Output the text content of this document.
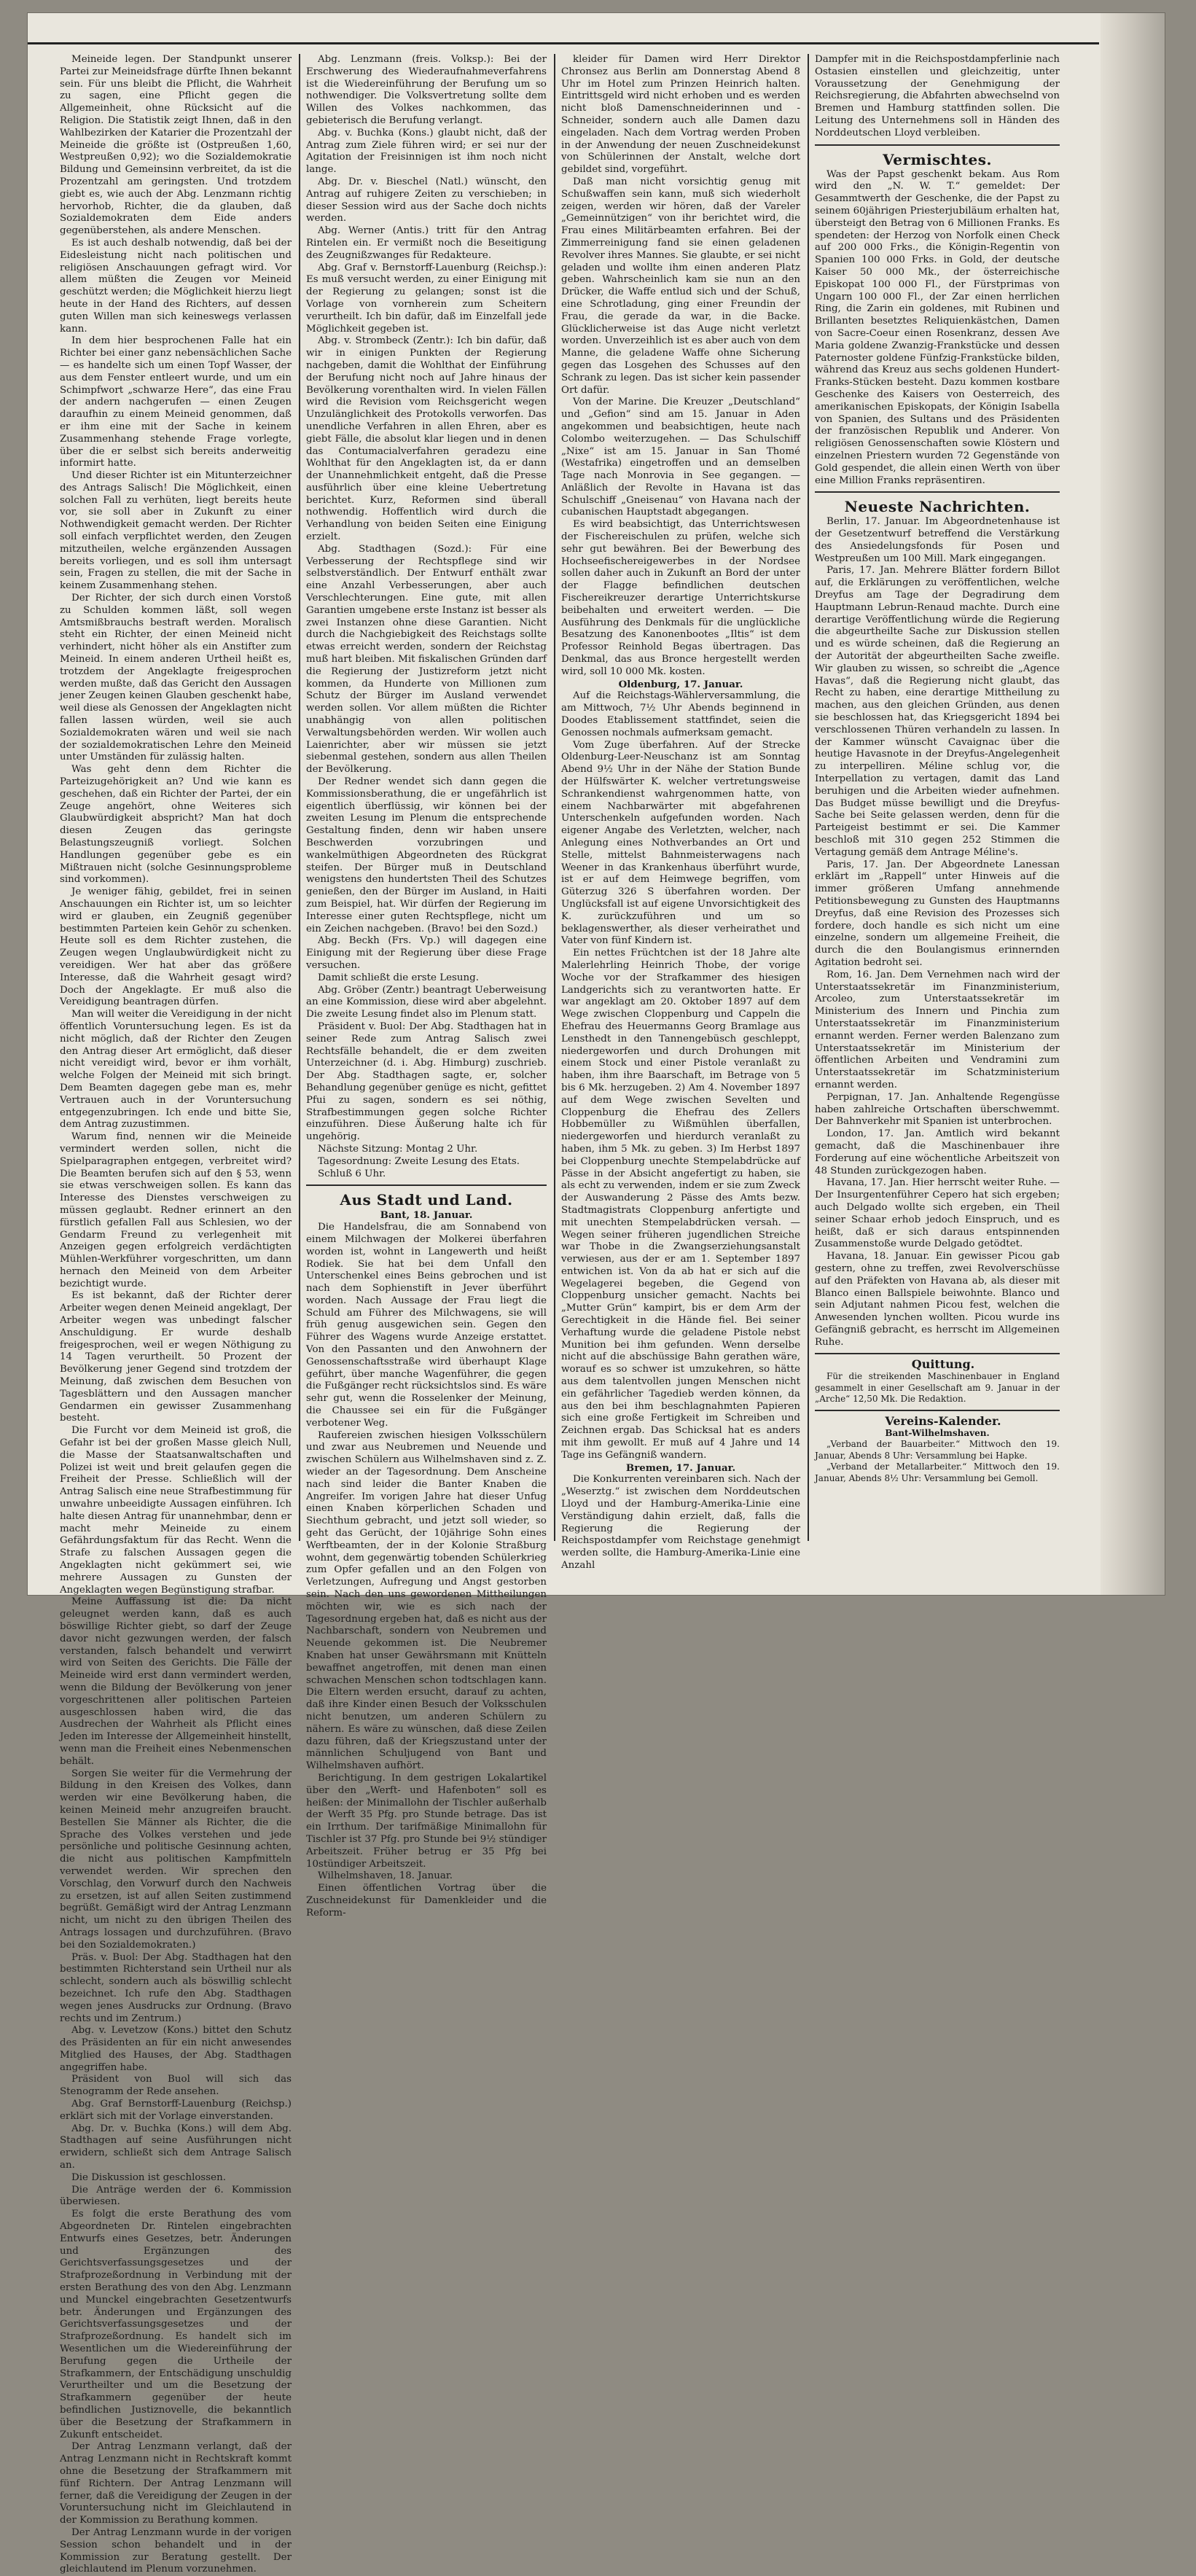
Meineide legen. Der Standpunkt unserer Partei zur Meineidsfrage dürfte Ihnen bekannt sein. Für uns bleibt die Pflicht, die Wahrheit zu sagen, eine Pflicht gegen die Allgemeinheit, ohne Rücksicht auf die Religion. Die Statistik zeigt Ihnen, daß in den Wahlbezirken der Katarier die Prozentzahl der Meineide die größte ist (Ostpreußen 1,60, Westpreußen 0,92); wo die Sozialdemokratie Bildung und Gemeinsinn verbreitet, da ist die Prozentzahl am geringsten. Und trotzdem giebt es, wie auch der Abg. Lenzmann richtig hervorhob, Richter, die da glauben, daß Sozialdemokraten dem Eide anders gegenüberstehen, als andere Menschen.

Es ist auch deshalb notwendig, daß bei der Eidesleistung nicht nach politischen und religiösen Anschauungen gefragt wird. Vor allem müßten die Zeugen vor Meineid geschützt werden; die Möglichkeit hierzu liegt heute in der Hand des Richters, auf dessen guten Willen man sich keineswegs verlassen kann.

In dem hier besprochenen Falle hat ein Richter bei einer ganz nebensächlichen Sache — es handelte sich um einen Topf Wasser, der aus dem Fenster entleert wurde, und um ein Schimpfwort „schwarze Here“, das eine Frau der andern nachgerufen — einen Zeugen daraufhin zu einem Meineid genommen, daß er ihm eine mit der Sache in keinem Zusammenhang stehende Frage vorlegte, über die er selbst sich bereits anderweitig informirt hatte.

Und dieser Richter ist ein Mitunterzeichner des Antrags Salisch! Die Möglichkeit, einen solchen Fall zu verhüten, liegt bereits heute vor, sie soll aber in Zukunft zu einer Nothwendigkeit gemacht werden. Der Richter soll einfach verpflichtet werden, den Zeugen mitzutheilen, welche ergänzenden Aussagen bereits vorliegen, und es soll ihm untersagt sein, Fragen zu stellen, die mit der Sache in keinem Zusammenhang stehen.

Der Richter, der sich durch einen Vorstoß zu Schulden kommen läßt, soll wegen Amtsmißbrauchs bestraft werden. Moralisch steht ein Richter, der einen Meineid nicht verhindert, nicht höher als ein Anstifter zum Meineid. In einem anderen Urtheil heißt es, trotzdem der Angeklagte freigesprochen werden mußte, daß das Gericht den Aussagen jener Zeugen keinen Glauben geschenkt habe, weil diese als Genossen der Angeklagten nicht fallen lassen würden, weil sie auch Sozialdemokraten wären und weil sie nach der sozialdemokratischen Lehre den Meineid unter Umständen für zulässig halten.

Was geht denn dem Richter die Parteizugehörigkeit an? Und wie kann es geschehen, daß ein Richter der Partei, der ein Zeuge angehört, ohne Weiteres sich Glaubwürdigkeit abspricht? Man hat doch diesen Zeugen das geringste Belastungszeugniß vorliegt. Solchen Handlungen gegenüber gebe es ein Mißtrauen nicht (solche Gesinnungsprobleme sind vorkommen).

Je weniger fähig, gebildet, frei in seinen Anschauungen ein Richter ist, um so leichter wird er glauben, ein Zeugniß gegenüber bestimmten Parteien kein Gehör zu schenken. Heute soll es dem Richter zustehen, die Zeugen wegen Unglaubwürdigkeit nicht zu vereidigen. Wer hat aber das größere Interesse, daß die Wahrheit gesagt wird? Doch der Angeklagte. Er muß also die Vereidigung beantragen dürfen.

Man will weiter die Vereidigung in der nicht öffentlich Voruntersuchung legen. Es ist da nicht möglich, daß der Richter den Zeugen den Antrag dieser Art ermöglicht, daß dieser nicht vereidigt wird, bevor er ihm vorhält, welche Folgen der Meineid mit sich bringt. Dem Beamten dagegen gebe man es, mehr Vertrauen auch in der Voruntersuchung entgegenzubringen. Ich ende und bitte Sie, dem Antrag zuzustimmen.

Warum find, nennen wir die Meineide vermindert werden sollen, nicht die Spielparagraphen entgegen, verbreitet wird? Die Beamten berufen sich auf den § 53, wenn sie etwas verschweigen sollen. Es kann das Interesse des Dienstes verschweigen zu müssen geglaubt. Redner erinnert an den fürstlich gefallen Fall aus Schlesien, wo der Gendarm Freund zu verlegenheit mit Anzeigen gegen erfolgreich verdächtigten Mühlen-Werkführer vorgeschritten, um dann hernach den Meineid von dem Arbeiter bezichtigt wurde.

Es ist bekannt, daß der Richter derer Arbeiter wegen denen Meineid angeklagt, Der Arbeiter wegen was unbedingt falscher Anschuldigung. Er wurde deshalb freigesprochen, weil er wegen Nöthigung zu 14 Tagen verurtheilt. 50 Prozent der Bevölkerung jener Gegend sind trotzdem der Meinung, daß zwischen dem Besuchen von Tagesblättern und den Aussagen mancher Gendarmen ein gewisser Zusammenhang besteht.

Die Furcht vor dem Meineid ist groß, die Gefahr ist bei der großen Masse gleich Null, die Masse der Staatsanwaltschaften und Polizei ist weit und breit gelaufen gegen die Freiheit der Presse. Schließlich will der Antrag Salisch eine neue Strafbestimmung für unwahre unbeeidigte Aussagen einführen. Ich halte diesen Antrag für unannehmbar, denn er macht mehr Meineide zu einem Gefährdungsfaktum für das Recht. Wenn die Strafe zu falschen Aussagen gegen die Angeklagten nicht gekümmert sei, wie mehrere Aussagen zu Gunsten der Angeklagten wegen Begünstigung strafbar.

Meine Auffassung ist die: Da nicht geleugnet werden kann, daß es auch böswillige Richter giebt, so darf der Zeuge davor nicht gezwungen werden, der falsch verstanden, falsch behandelt und verwirrt wird von Seiten des Gerichts. Die Fälle der Meineide wird erst dann vermindert werden, wenn die Bildung der Bevölkerung von jener vorgeschrittenen aller politischen Parteien ausgeschlossen haben wird, die das Ausdrechen der Wahrheit als Pflicht eines Jeden im Interesse der Allgemeinheit hinstellt, wenn man die Freiheit eines Nebenmenschen behält.

Sorgen Sie weiter für die Vermehrung der Bildung in den Kreisen des Volkes, dann werden wir eine Bevölkerung haben, die keinen Meineid mehr anzugreifen braucht. Bestellen Sie Männer als Richter, die die Sprache des Volkes verstehen und jede persönliche und politische Gesinnung achten, die nicht aus politischen Kampfmitteln verwendet werden. Wir sprechen den Vorschlag, den Vorwurf durch den Nachweis zu ersetzen, ist auf allen Seiten zustimmend begrüßt. Gemäßigt wird der Antrag Lenzmann nicht, um nicht zu den übrigen Theilen des Antrags lossagen und durchzuführen. (Bravo bei den Sozialdemokraten.)

Präs. v. Buol: Der Abg. Stadthagen hat den bestimmten Richterstand sein Urtheil nur als schlecht, sondern auch als böswillig schlecht bezeichnet. Ich rufe den Abg. Stadthagen wegen jenes Ausdrucks zur Ordnung. (Bravo rechts und im Zentrum.)

Abg. v. Levetzow (Kons.) bittet den Schutz des Präsidenten an für ein nicht anwesendes Mitglied des Hauses, der Abg. Stadthagen angegriffen habe.

Präsident von Buol will sich das Stenogramm der Rede ansehen.

Abg. Graf Bernstorff-Lauenburg (Reichsp.) erklärt sich mit der Vorlage einverstanden.

Abg. Dr. v. Buchka (Kons.) will dem Abg. Stadthagen auf seine Ausführungen nicht erwidern, schließt sich dem Antrage Salisch an.

Die Diskussion ist geschlossen.

Die Anträge werden der 6. Kommission überwiesen.

Es folgt die erste Berathung des vom Abgeordneten Dr. Rintelen eingebrachten Entwurfs eines Gesetzes, betr. Änderungen und Ergänzungen des Gerichtsverfassungsgesetzes und der Strafprozeßordnung in Verbindung mit der ersten Berathung des von den Abg. Lenzmann und Munckel eingebrachten Gesetzentwurfs betr. Änderungen und Ergänzungen des Gerichtsverfassungsgesetzes und der Strafprozeßordnung. Es handelt sich im Wesentlichen um die Wiedereinführung der Berufung gegen die Urtheile der Strafkammern, der Entschädigung unschuldig Verurtheilter und um die Besetzung der Strafkammern gegenüber der heute befindlichen Justiznovelle, die bekanntlich über die Besetzung der Strafkammern in Zukunft entscheidet.

Der Antrag Lenzmann verlangt, daß der Antrag Lenzmann nicht in Rechtskraft kommt ohne die Besetzung der Strafkammern mit fünf Richtern. Der Antrag Lenzmann will ferner, daß die Vereidigung der Zeugen in der Voruntersuchung nicht im Gleichlautend in der Kommission zu Berathung kommen.

Der Antrag Lenzmann wurde in der vorigen Session schon behandelt und in der Kommission zur Beratung gestellt. Der gleichlautend im Plenum vorzunehmen.

Abg. Lenzmann (freis. Volksp.): Bei der Erschwerung des Wiederaufnahmeverfahrens ist die Wiedereinführung der Berufung um so nothwendiger. Die Volksvertretung sollte dem Willen des Volkes nachkommen, das gebieterisch die Berufung verlangt.

Abg. v. Buchka (Kons.) glaubt nicht, daß der Antrag zum Ziele führen wird; er sei nur der Agitation der Freisinnigen ist ihm noch nicht lange.

Abg. Dr. v. Bieschel (Natl.) wünscht, den Antrag auf ruhigere Zeiten zu verschieben; in dieser Session wird aus der Sache doch nichts werden.

Abg. Werner (Antis.) tritt für den Antrag Rintelen ein. Er vermißt noch die Beseitigung des Zeugnißzwanges für Redakteure.

Abg. Graf v. Bernstorff-Lauenburg (Reichsp.): Es muß versucht werden, zu einer Einigung mit der Regierung zu gelangen; sonst ist die Vorlage von vornherein zum Scheitern verurtheilt. Ich bin dafür, daß im Einzelfall jede Möglichkeit gegeben ist.

Abg. v. Strombeck (Zentr.): Ich bin dafür, daß wir in einigen Punkten der Regierung nachgeben, damit die Wohlthat der Einführung der Berufung nicht noch auf Jahre hinaus der Bevölkerung vorenthalten wird. In vielen Fällen wird die Revision vom Reichsgericht wegen Unzulänglichkeit des Protokolls verworfen. Das unendliche Verfahren in allen Ehren, aber es giebt Fälle, die absolut klar liegen und in denen das Contumacialverfahren geradezu eine Wohlthat für den Angeklagten ist, da er dann der Unannehmlichkeit entgeht, daß die Presse ausführlich über eine kleine Uebertretung berichtet. Kurz, Reformen sind überall nothwendig. Hoffentlich wird durch die Verhandlung von beiden Seiten eine Einigung erzielt.

Abg. Stadthagen (Sozd.): Für eine Verbesserung der Rechtspflege sind wir selbstverständlich. Der Entwurf enthält zwar eine Anzahl Verbesserungen, aber auch Verschlechterungen. Eine gute, mit allen Garantien umgebene erste Instanz ist besser als zwei Instanzen ohne diese Garantien. Nicht durch die Nachgiebigkeit des Reichstags sollte etwas erreicht werden, sondern der Reichstag muß hart bleiben. Mit fiskalischen Gründen darf die Regierung der Justizreform jetzt nicht kommen, da Hunderte von Millionen zum Schutz der Bürger im Ausland verwendet werden sollen. Vor allem müßten die Richter unabhängig von allen politischen Verwaltungsbehörden werden. Wir wollen auch Laienrichter, aber wir müssen sie jetzt siebenmal gestehen, sondern aus allen Theilen der Bevölkerung.

Der Redner wendet sich dann gegen die Kommissionsberathung, die er ungefährlich ist eigentlich überflüssig, wir können bei der zweiten Lesung im Plenum die entsprechende Gestaltung finden, denn wir haben unsere Beschwerden vorzubringen und wankelmüthigen Abgeordneten des Rückgrat steifen. Der Bürger muß in Deutschland wenigstens den hundertsten Theil des Schutzes genießen, den der Bürger im Ausland, in Haiti zum Beispiel, hat. Wir dürfen der Regierung im Interesse einer guten Rechtspflege, nicht um ein Zeichen nachgeben. (Bravo! bei den Sozd.)

Abg. Beckh (Frs. Vp.) will dagegen eine Einigung mit der Regierung über diese Frage versuchen.

Damit schließt die erste Lesung.

Abg. Gröber (Zentr.) beantragt Ueberweisung an eine Kommission, diese wird aber abgelehnt. Die zweite Lesung findet also im Plenum statt.

Präsident v. Buol: Der Abg. Stadthagen hat in seiner Rede zum Antrag Salisch zwei Rechtsfälle behandelt, die er dem zweiten Unterzeichner (d. i. Abg. Himburg) zuschrieb. Der Abg. Stadthagen sagte, er, solcher Behandlung gegenüber genüge es nicht, gefittet Pfui zu sagen, sondern es sei nöthig, Strafbestimmungen gegen solche Richter einzuführen. Diese Äußerung halte ich für ungehörig.

Nächste Sitzung: Montag 2 Uhr.

Tagesordnung: Zweite Lesung des Etats.

Schluß 6 Uhr.

Aus Stadt und Land.

Bant, 18. Januar.

Die Handelsfrau, die am Sonnabend von einem Milchwagen der Molkerei überfahren worden ist, wohnt in Langewerth und heißt Rodiek. Sie hat bei dem Unfall den Unterschenkel eines Beins gebrochen und ist nach dem Sophienstift in Jever überführt worden. Nach Aussage der Frau liegt die Schuld am Führer des Milchwagens, sie will früh genug ausgewichen sein. Gegen den Führer des Wagens wurde Anzeige erstattet. Von den Passanten und den Anwohnern der Genossenschaftsstraße wird überhaupt Klage geführt, über manche Wagenführer, die gegen die Fußgänger recht rücksichtslos sind. Es wäre sehr gut, wenn die Rosselenker der Meinung, die Chaussee sei ein für die Fußgänger verbotener Weg.

Raufereien zwischen hiesigen Volksschülern und zwar aus Neubremen und Neuende und zwischen Schülern aus Wilhelmshaven sind z. Z. wieder an der Tagesordnung. Dem Anscheine nach sind leider die Banter Knaben die Angreifer. Im vorigen Jahre hat dieser Unfug einen Knaben körperlichen Schaden und Siechthum gebracht, und jetzt soll wieder, so geht das Gerücht, der 10jährige Sohn eines Werftbeamten, der in der Kolonie Straßburg wohnt, dem gegenwärtig tobenden Schülerkrieg zum Opfer gefallen und an den Folgen von Verletzungen, Aufregung und Angst gestorben sein. Nach den uns gewordenen Mittheilungen möchten wir, wie es sich nach der Tagesordnung ergeben hat, daß es nicht aus der Nachbarschaft, sondern von Neubremen und Neuende gekommen ist. Die Neubremer Knaben hat unser Gewährsmann mit Knütteln bewaffnet angetroffen, mit denen man einen schwachen Menschen schon todtschlagen kann. Die Eltern werden ersucht, darauf zu achten, daß ihre Kinder einen Besuch der Volksschulen nicht benutzen, um anderen Schülern zu nähern. Es wäre zu wünschen, daß diese Zeilen dazu führen, daß der Kriegszustand unter der männlichen Schuljugend von Bant und Wilhelmshaven aufhört.

Berichtigung. In dem gestrigen Lokalartikel über den „Werft- und Hafenboten“ soll es heißen: der Minimallohn der Tischler außerhalb der Werft 35 Pfg. pro Stunde betrage. Das ist ein Irrthum. Der tarifmäßige Minimallohn für Tischler ist 37 Pfg. pro Stunde bei 9½ stündiger Arbeitszeit. Früher betrug er 35 Pfg bei 10stündiger Arbeitszeit.

Wilhelmshaven, 18. Januar.

Einen öffentlichen Vortrag über die Zuschneidekunst für Damenkleider und die Reform-

kleider für Damen wird Herr Direktor Chronsez aus Berlin am Donnerstag Abend 8 Uhr im Hotel zum Prinzen Heinrich halten. Eintrittsgeld wird nicht erhoben und es werden nicht bloß Damenschneiderinnen und -Schneider, sondern auch alle Damen dazu eingeladen. Nach dem Vortrag werden Proben in der Anwendung der neuen Zuschneidekunst von Schülerinnen der Anstalt, welche dort gebildet sind, vorgeführt.

Daß man nicht vorsichtig genug mit Schußwaffen sein kann, muß sich wiederholt zeigen, werden wir hören, daß der Vareler „Gemeinnützigen“ von ihr berichtet wird, die Frau eines Militärbeamten erfahren. Bei der Zimmerreinigung fand sie einen geladenen Revolver ihres Mannes. Sie glaubte, er sei nicht geladen und wollte ihm einen anderen Platz geben. Wahrscheinlich kam sie nun an den Drücker, die Waffe entlud sich und der Schuß, eine Schrotladung, ging einer Freundin der Frau, die gerade da war, in die Backe. Glücklicherweise ist das Auge nicht verletzt worden. Unverzeihlich ist es aber auch von dem Manne, die geladene Waffe ohne Sicherung gegen das Losgehen des Schusses auf den Schrank zu legen. Das ist sicher kein passender Ort dafür.

Von der Marine. Die Kreuzer „Deutschland“ und „Gefion“ sind am 15. Januar in Aden angekommen und beabsichtigen, heute nach Colombo weiterzugehen. — Das Schulschiff „Nixe“ ist am 15. Januar in San Thomé (Westafrika) eingetroffen und an demselben Tage nach Monrovia in See gegangen. — Anläßlich der Revolte in Havana ist das Schulschiff „Gneisenau“ von Havana nach der cubanischen Hauptstadt abgegangen.

Es wird beabsichtigt, das Unterrichtswesen der Fischereischulen zu prüfen, welche sich sehr gut bewähren. Bei der Bewerbung des Hochseefischereigewerbes in der Nordsee sollen daher auch in Zukunft an Bord der unter der Flagge befindlichen deutschen Fischereikreuzer derartige Unterrichtskurse beibehalten und erweitert werden. — Die Ausführung des Denkmals für die unglückliche Besatzung des Kanonenbootes „Iltis“ ist dem Professor Reinhold Begas übertragen. Das Denkmal, das aus Bronce hergestellt werden wird, soll 10 000 Mk. kosten.

Oldenburg, 17. Januar.

Auf die Reichstags-Wählerversammlung, die am Mittwoch, 7½ Uhr Abends beginnend in Doodes Etablissement stattfindet, seien die Genossen nochmals aufmerksam gemacht.

Vom Zuge überfahren. Auf der Strecke Oldenburg-Leer-Neuschanz ist am Sonntag Abend 9½ Uhr in der Nähe der Station Bunde der Hülfswärter K. welcher vertretungsweise Schrankendienst wahrgenommen hatte, von einem Nachbarwärter mit abgefahrenen Unterschenkeln aufgefunden worden. Nach eigener Angabe des Verletzten, welcher, nach Anlegung eines Nothverbandes an Ort und Stelle, mittelst Bahnmeisterwagens nach Weener in das Krankenhaus überführt wurde, ist er auf dem Heimwege begriffen, vom Güterzug 326 S überfahren worden. Der Unglücksfall ist auf eigene Unvorsichtigkeit des K. zurückzuführen und um so beklagenswerther, als dieser verheirathet und Vater von fünf Kindern ist.

Ein nettes Früchtchen ist der 18 Jahre alte Malerlehrling Heinrich Thobe, der vorige Woche vor der Strafkammer des hiesigen Landgerichts sich zu verantworten hatte. Er war angeklagt am 20. Oktober 1897 auf dem Wege zwischen Cloppenburg und Cappeln die Ehefrau des Heuermanns Georg Bramlage aus Lensthedt in den Tannengebüsch geschleppt, niedergeworfen und durch Drohungen mit einem Stock und einer Pistole veranlaßt zu haben, ihm ihre Baarschaft, im Betrage von 5 bis 6 Mk. herzugeben. 2) Am 4. November 1897 auf dem Wege zwischen Sevelten und Cloppenburg die Ehefrau des Zellers Hobbemüller zu Wißmühlen überfallen, niedergeworfen und hierdurch veranlaßt zu haben, ihm 5 Mk. zu geben. 3) Im Herbst 1897 bei Cloppenburg unechte Stempelabdrücke auf Pässe in der Absicht angefertigt zu haben, sie als echt zu verwenden, indem er sie zum Zweck der Auswanderung 2 Pässe des Amts bezw. Stadtmagistrats Cloppenburg anfertigte und mit unechten Stempelabdrücken versah. — Wegen seiner früheren jugendlichen Streiche war Thobe in die Zwangserziehungsanstalt verwiesen, aus der er am 1. September 1897 entwichen ist. Von da ab hat er sich auf die Wegelagerei begeben, die Gegend von Cloppenburg unsicher gemacht. Nachts bei „Mutter Grün“ kampirt, bis er dem Arm der Gerechtigkeit in die Hände fiel. Bei seiner Verhaftung wurde die geladene Pistole nebst Munition bei ihm gefunden. Wenn derselbe nicht auf die abschüssige Bahn gerathen wäre, worauf es so schwer ist umzukehren, so hätte aus dem talentvollen jungen Menschen nicht ein gefährlicher Tagedieb werden können, da aus den bei ihm beschlagnahmten Papieren sich eine große Fertigkeit im Schreiben und Zeichnen ergab. Das Schicksal hat es anders mit ihm gewollt. Er muß auf 4 Jahre und 14 Tage ins Gefängniß wandern.

Bremen, 17. Januar.

Die Konkurrenten vereinbaren sich. Nach der „Weserztg.“ ist zwischen dem Norddeutschen Lloyd und der Hamburg-Amerika-Linie eine Verständigung dahin erzielt, daß, falls die Regierung die Regierung der Reichspostdampfer vom Reichstage genehmigt werden sollte, die Hamburg-Amerika-Linie eine Anzahl

Dampfer mit in die Reichspostdampferlinie nach Ostasien einstellen und gleichzeitig, unter Voraussetzung der Genehmigung der Reichsregierung, die Abfahrten abwechselnd von Bremen und Hamburg stattfinden sollen. Die Leitung des Unternehmens soll in Händen des Norddeutschen Lloyd verbleiben.

Vermischtes.

Was der Papst geschenkt bekam. Aus Rom wird den „N. W. T.“ gemeldet: Der Gesammtwerth der Geschenke, die der Papst zu seinem 60jährigen Priesterjubiläum erhalten hat, übersteigt den Betrag von 6 Millionen Franks. Es spendeten: der Herzog von Norfolk einen Check auf 200 000 Frks., die Königin-Regentin von Spanien 100 000 Frks. in Gold, der deutsche Kaiser 50 000 Mk., der österreichische Episkopat 100 000 Fl., der Fürstprimas von Ungarn 100 000 Fl., der Zar einen herrlichen Ring, die Zarin ein goldenes, mit Rubinen und Brillanten besetztes Reliquienkästchen, Damen von Sacre-Coeur einen Rosenkranz, dessen Ave Maria goldene Zwanzig-Frankstücke und dessen Paternoster goldene Fünfzig-Frankstücke bilden, während das Kreuz aus sechs goldenen Hundert-Franks-Stücken besteht. Dazu kommen kostbare Geschenke des Kaisers von Oesterreich, des amerikanischen Episkopats, der Königin Isabella von Spanien, des Sultans und des Präsidenten der französischen Republik und Anderer. Von religiösen Genossenschaften sowie Klöstern und einzelnen Priestern wurden 72 Gegenstände von Gold gespendet, die allein einen Werth von über eine Million Franks repräsentiren.

Neueste Nachrichten.

Berlin, 17. Januar. Im Abgeordnetenhause ist der Gesetzentwurf betreffend die Verstärkung des Ansiedelungsfonds für Posen und Westpreußen um 100 Mill. Mark eingegangen.

Paris, 17. Jan. Mehrere Blätter fordern Billot auf, die Erklärungen zu veröffentlichen, welche Dreyfus am Tage der Degradirung dem Hauptmann Lebrun-Renaud machte. Durch eine derartige Veröffentlichung würde die Regierung die abgeurtheilte Sache zur Diskussion stellen und es würde scheinen, daß die Regierung an der Autorität der abgeurtheilten Sache zweifle. Wir glauben zu wissen, so schreibt die „Agence Havas“, daß die Regierung nicht glaubt, das Recht zu haben, eine derartige Mittheilung zu machen, aus den gleichen Gründen, aus denen sie beschlossen hat, das Kriegsgericht 1894 bei verschlossenen Thüren verhandeln zu lassen. In der Kammer wünscht Cavaignac über die heutige Havasnote in der Dreyfus-Angelegenheit zu interpelliren. Méline schlug vor, die Interpellation zu vertagen, damit das Land beruhigen und die Arbeiten wieder aufnehmen. Das Budget müsse bewilligt und die Dreyfus-Sache bei Seite gelassen werden, denn für die Parteigeist bestimmt er sei. Die Kammer beschloß mit 310 gegen 252 Stimmen die Vertagung gemäß dem Antrage Méline's.

Paris, 17. Jan. Der Abgeordnete Lanessan erklärt im „Rappell“ unter Hinweis auf die immer größeren Umfang annehmende Petitionsbewegung zu Gunsten des Hauptmanns Dreyfus, daß eine Revision des Prozesses sich fordere, doch handle es sich nicht um eine einzelne, sondern um allgemeine Freiheit, die durch die den Boulangismus erinnernden Agitation bedroht sei.

Rom, 16. Jan. Dem Vernehmen nach wird der Unterstaatssekretär im Finanzministerium, Arcoleo, zum Unterstaatssekretär im Ministerium des Innern und Pinchia zum Unterstaatssekretär im Finanzministerium ernannt werden. Ferner werden Balenzano zum Unterstaatssekretär im Ministerium der öffentlichen Arbeiten und Vendramini zum Unterstaatssekretär im Schatzministerium ernannt werden.

Perpignan, 17. Jan. Anhaltende Regengüsse haben zahlreiche Ortschaften überschwemmt. Der Bahnverkehr mit Spanien ist unterbrochen.

London, 17. Jan. Amtlich wird bekannt gemacht, daß die Maschinenbauer ihre Forderung auf eine wöchentliche Arbeitszeit von 48 Stunden zurückgezogen haben.

Havana, 17. Jan. Hier herrscht weiter Ruhe. — Der Insurgentenführer Cepero hat sich ergeben; auch Delgado wollte sich ergeben, ein Theil seiner Schaar erhob jedoch Einspruch, und es heißt, daß er sich daraus entspinnenden Zusammenstoße wurde Delgado getödtet.

Havana, 18. Januar. Ein gewisser Picou gab gestern, ohne zu treffen, zwei Revolverschüsse auf den Präfekten von Havana ab, als dieser mit Blanco einen Ballspiele beiwohnte. Blanco und sein Adjutant nahmen Picou fest, welchen die Anwesenden lynchen wollten. Picou wurde ins Gefängniß gebracht, es herrscht im Allgemeinen Ruhe.

Quittung.

Für die streikenden Maschinenbauer in England gesammelt in einer Gesellschaft am 9. Januar in der „Arche“ 12,50 Mk. Die Redaktion.

Vereins-Kalender.

Bant-Wilhelmshaven.

„Verband der Bauarbeiter.“ Mittwoch den 19. Januar, Abends 8 Uhr: Versammlung bei Hapke.

„Verband der Metallarbeiter.“ Mittwoch den 19. Januar, Abends 8½ Uhr: Versammlung bei Gemoll.
